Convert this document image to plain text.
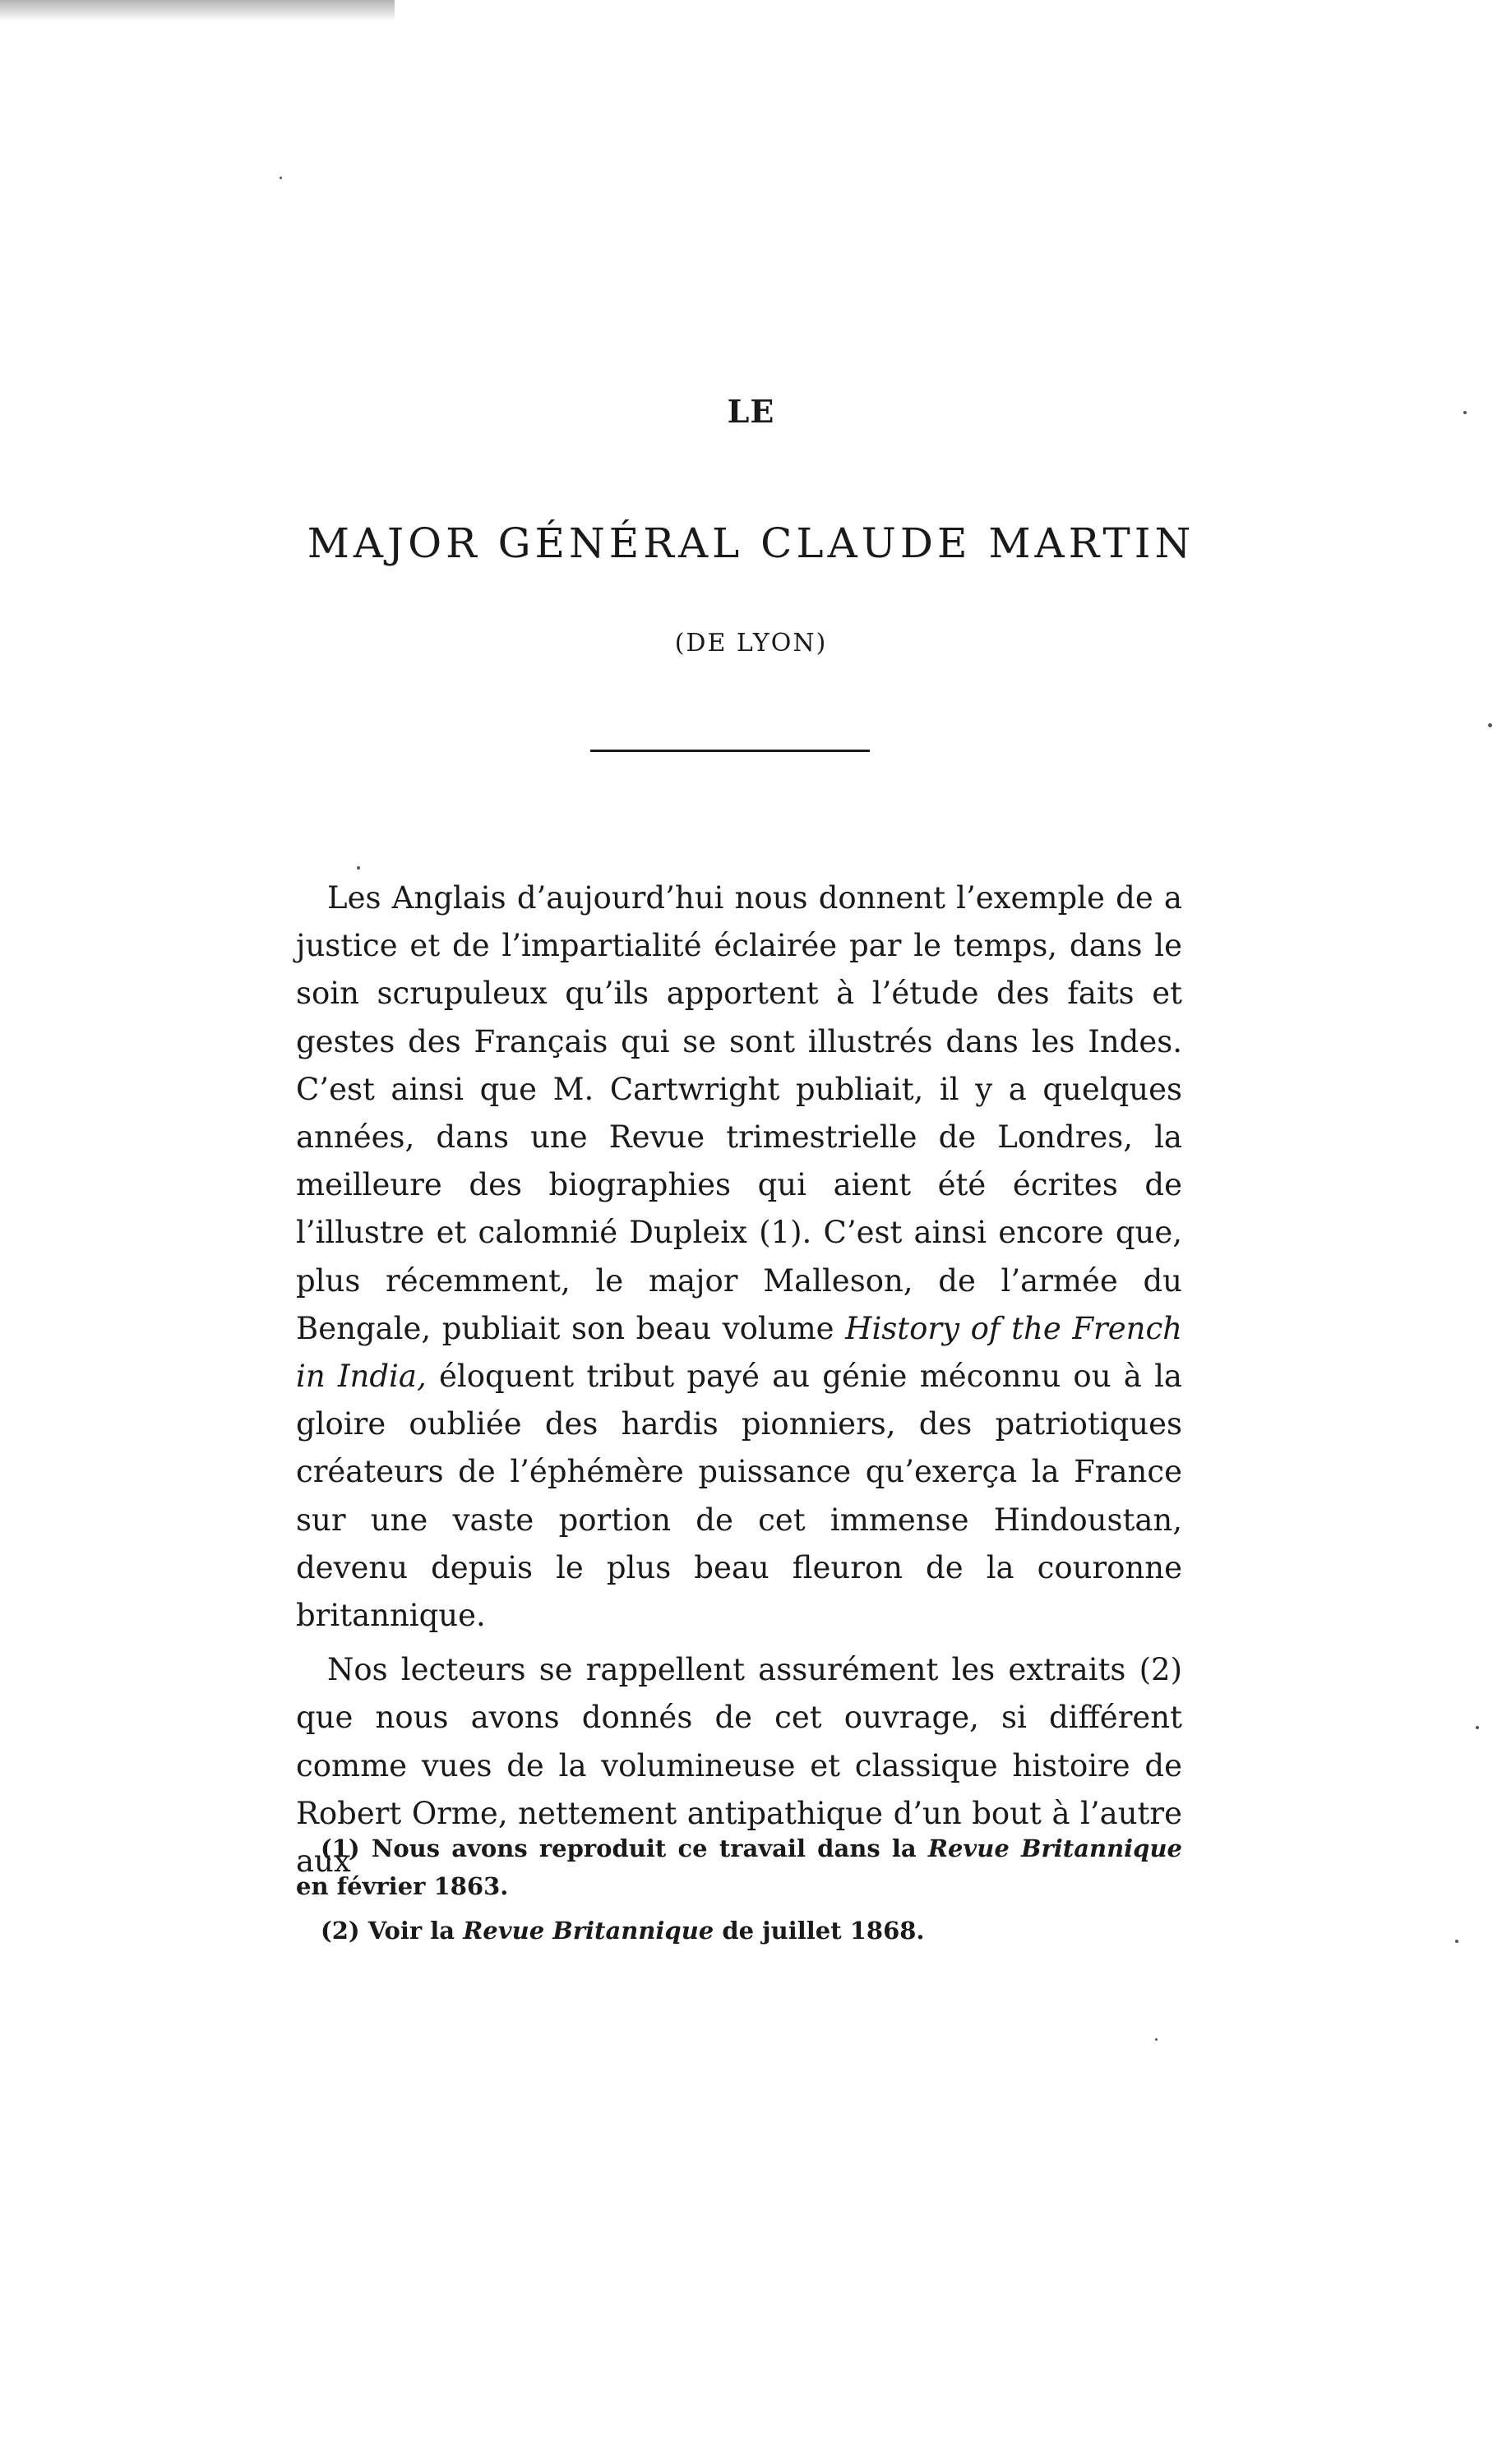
LE
MAJOR GÉNÉRAL CLAUDE MARTIN
(DE LYON)

Les Anglais d’aujourd’hui nous donnent l’exemple de a justice et de l’impartialité éclairée par le temps, dans le soin scrupuleux qu’ils apportent à l’étude des faits et gestes des Français qui se sont illustrés dans les Indes. C’est ainsi que M. Cartwright publiait, il y a quelques années, dans une Revue trimestrielle de Londres, la meilleure des biographies qui aient été écrites de l’illustre et calomnié Dupleix (1). C’est ainsi encore que, plus récemment, le major Malleson, de l’armée du Bengale, publiait son beau volume History of the French in India, éloquent tribut payé au génie méconnu ou à la gloire oubliée des hardis pionniers, des patriotiques créateurs de l’éphémère puissance qu’exerça la France sur une vaste portion de cet immense Hindoustan, devenu depuis le plus beau fleuron de la couronne britannique.

Nos lecteurs se rappellent assurément les extraits (2) que nous avons donnés de cet ouvrage, si différent comme vues de la volumineuse et classique histoire de Robert Orme, nettement antipathique d’un bout à l’autre aux

(1) Nous avons reproduit ce travail dans la Revue Britannique en février 1863.

(2) Voir la Revue Britannique de juillet 1868.
